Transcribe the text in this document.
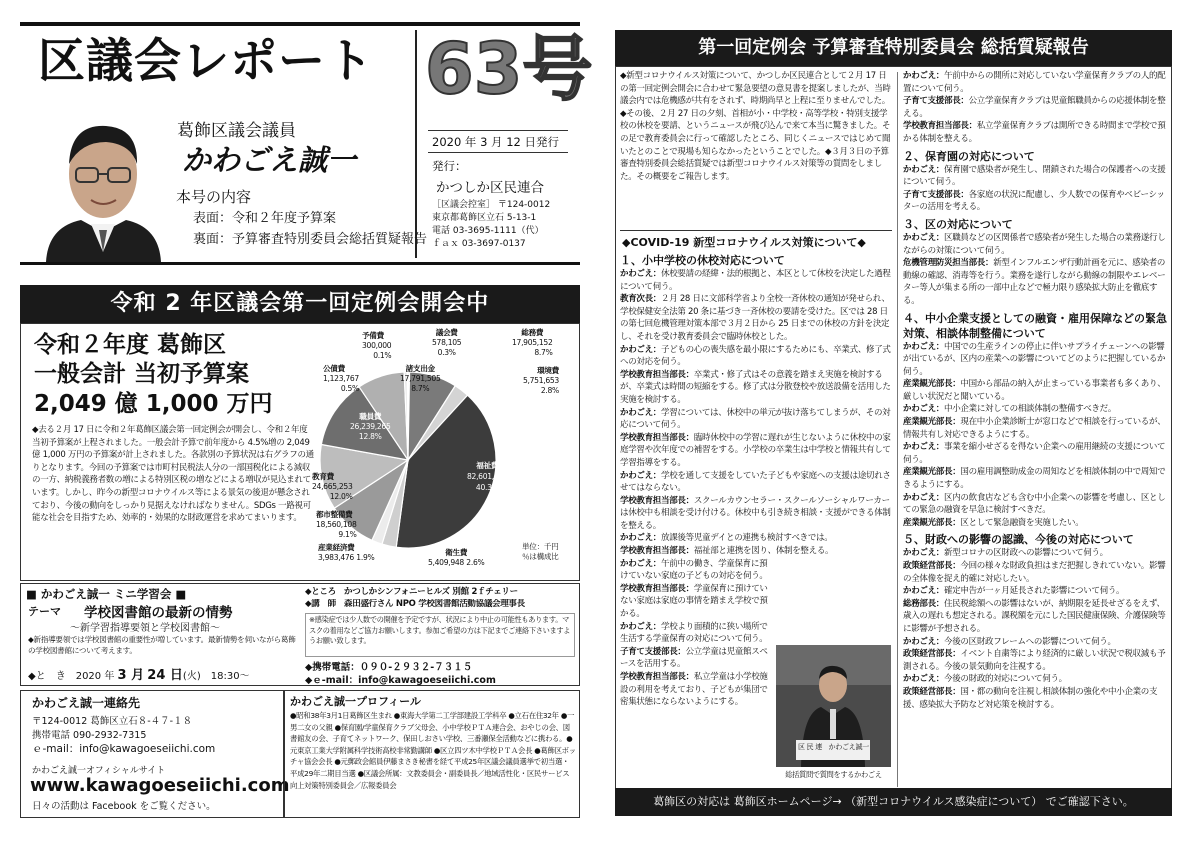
区議会レポート 63号
2020 年 3 月 12 日発行
発行：
かつしか区民連合
［区議会控室］ 〒124-0012
東京都葛飾区立石 5-13-1
電話 03-3695-1111（代）
ｆａｘ 03-3697-0137
葛飾区議会議員
かわごえ誠一
本号の内容
表面：令和２年度予算案
裏面：予算審査特別委員会総括質疑報告
令和 2 年区議会第一回定例会開会中
令和２年度 葛飾区
一般会計 当初予算案
2,049 億 1,000 万円
◆去る２月 17 日に令和２年葛飾区議会第一回定例会が開会し、令和２年度当初予算案が上程されました。一般会計予算で前年度から 4.5%増の 2,049 億 1,000 万円の予算案が計上されました。各款別の予算状況は右グラフの通りとなります。今回の予算案では市町村民税法人分の一部国税化による減収の一方、納税義務者数の増による特別区税の増などによる増収が見込まれています。しかし、昨今の新型コロナウイルス等による景気の後退が懸念されており、今後の動向をしっかり見据えなければなりません。SDGs 一路視可能な社会を目指すため、効率的・効果的な財政運営を求めてまいります。
議会費
578,105
0.3%
総務費
17,905,152
8.7%
環境費
5,751,653
2.8%
福祉費
82,601,768
40.3%
衛生費
5,409,948 2.6%
産業経済費
3,983,476 1.9%
都市整備費
18,560,108
9.1%
教育費
24,665,253
12.0%
職員費
26,239,265
12.8%
諸支出金
17,791,505
8.7%
公債費
1,123,767
0.5%
予備費
300,000
0.1%
単位：千円
％は構成比
■ かわごえ誠一 ミニ学習会 ■
テーマ 学校図書館の最新の情勢
～新学習指導要領と学校図書館～
◆新指導要領では学校図書館の重要性が増しています。最新情勢を伺いながら葛飾の学校図書館について考えます。
◆と　き　 2020 年 3 月 24 日(火)　 18:30～
◆ところ　かつしかシンフォニーヒルズ 別館 2ｆチェリー
◆講　師　森田盛行さん NPO 学校図書館活動協議会理事長
※感染症では少人数での開催を予定ですが、状況により中止の可能性もあります。マスクの着用などご協力お願いします。参加ご希望の方は下記までご連絡下さいますようお願い致します。
◆携帯電話：０９０-２９３２-７３１５
◆ｅ-mail：info@kawagoeseiichi.com
かわごえ誠一連絡先
〒124-0012 葛飾区立石８-４７-１８
携帯電話 090-2932-7315
ｅ-mail：info@kawagoeseiichi.com
かわごえ誠一オフィシャルサイト
www.kawagoeseiichi.com
日々の活動は Facebook をご覧ください。
かわごえ誠一プロフィール
●昭和38年3月1日葛飾区生まれ ●東海大学第二工学部建設工学科卒 ●立石在住32年 ●一男二女の父親 ●保育園/学童保育クラブ父母会、小中学校ＰＴＡ連合会、おやじの会、図書館友の会、子育てネットワーク、保田しおさい学校、三番瀬保全活動などに携わる。●元東京工業大学附属科学技術高校非常勤講師 ●区立四ツ木中学校ＰＴＡ会長 ●葛飾区ボッチャ協会会長 ●元郵政会館員伊藤まさき秘書を経て平成25年区議会議員選挙で初当選・平成29年二期目当選 ●区議会所属：文教委員会・副委員長／地域活性化・区民サービス向上対策特別委員会／広報委員会
第一回定例会 予算審査特別委員会 総括質疑報告
◆新型コロナウイルス対策について、かつしか区民連合として２月 17 日の第一回定例会開会に合わせて緊急要望の意見書を提案しましたが、当時議会内では危機感が共有をされず、時期尚早と上程に至りませんでした。◆その後、２月 27 日の夕刻、首相が小・中学校・高等学校・特別支援学校の休校を要請、というニュースが飛び込んで来て本当に驚きました。その足で教育委員会に行って確認したところ、同じくニュースではじめて聞いたとのことで現場も知らなかったということでした。◆３月３日の予算審査特別委員会総括質疑では新型コロナウイルス対策等の質問をしました。その概要をご報告します。
◆COVID-19 新型コロナウイルス対策について◆
１、小中学校の休校対応について
かわごえ：休校要請の経緯・法的根拠と、本区として休校を決定した過程について伺う。
教育次長：２月 28 日に文部科学省より全校一斉休校の通知が発せられ、学校保健安全法第 20 条に基づき一斉休校の要請を受けた。区では 28 日の第七回危機管理対策本部で３月２日から 25 日までの休校の方針を決定し、それを受け教育委員会で臨時休校とした。
かわごえ：子どもの心の喪失感を最小限にするためにも、卒業式、修了式への対応を伺う。
学校教育担当部長：卒業式・修了式はその意義を踏まえ実施を検討するが、卒業式は時間の短縮をする。修了式は分散登校や放送設備を活用した実施を検討する。
かわごえ：学習については、休校中の単元が抜け落ちてしまうが、その対応について伺う。
学校教育担当部長：臨時休校中の学習に遅れが生じないように休校中の家庭学習や次年度での補習をする。小学校の卒業生は中学校と情報共有して学習指導をする。
かわごえ：学校を通して支援をしていた子どもや家庭への支援は途切れさせてはならない。
学校教育担当部長：スクールカウンセラー・スクールソーシャルワーカーは休校中も相談を受け付ける。休校中も引き続き相談・支援ができる体制を整える。
かわごえ：放課後等児童デイとの連携も検討すべきでは。
学校教育担当部長：福祉部と連携を図り、体制を整える。
かわごえ：午前中の働き、学童保育に預けていない家庭の子どもの対応を伺う。
学校教育担当部長：学童保育に預けていない家庭は家庭の事情を踏まえ学校で預かる。
かわごえ：学校より面積的に狭い場所で生活する学童保育の対応について伺う。
子育て支援部長：公立学童は児童館スペースを活用する。
学校教育担当部長：私立学童は小学校施設の利用を考えており、子どもが集団で密集状態にならないようにする。
区 民 連　かわごえ誠一
総括質問で質問をするかわごえ
かわごえ：午前中からの開所に対応していない学童保育クラブの人的配置について伺う。
子育て支援部長：公立学童保育クラブは児童館職員からの応援体制を整える。
学校教育担当部長：私立学童保育クラブは開所できる時間まで学校で預かる体制を整える。
２、保育園の対応について
かわごえ：保育園で感染者が発生し、閉鎖された場合の保護者への支援について伺う。
子育て支援部長：各家庭の状況に配慮し、少人数での保育やベビーシッターの活用を考える。
３、区の対応について
かわごえ：区職員などの区関係者で感染者が発生した場合の業務遂行しながらの対策について伺う。
危機管理防災担当部長：新型インフルエンザ行動計画を元に、感染者の動線の確認、消毒等を行う。業務を遂行しながら動線の制限やエレベーター等人が集まる所の一部中止などで極力限り感染拡大防止を徹底する。
４、中小企業支援としての融資・雇用保障などの緊急対策、相談体制整備について
かわごえ：中国での生産ラインの停止に伴いサプライチェーンへの影響が出ているが、区内の産業への影響についてどのように把握しているか伺う。
産業観光部長：中国から部品の納入が止まっている事業者も多くあり、厳しい状況だと聞いている。
かわごえ：中小企業に対しての相談体制の整備すべきだ。
産業観光部長：現在中小企業診断士が窓口などで相談を行っているが、情報共有し対応できるようにする。
かわごえ：事業を縮小せざるを得ない企業への雇用継続の支援について伺う。
産業観光部長：国の雇用調整助成金の周知などを相談体制の中で周知できるようにする。
かわごえ：区内の飲食店なども含む中小企業への影響を考慮し、区としての緊急の融資を早急に検討すべきだ。
産業観光部長：区として緊急融資を実施したい。
５、財政への影響の認識、今後の対応について
かわごえ：新型コロナの区財政への影響について伺う。
政策経営部長：今回の様々な財政負担はまだ把握しきれていない。影響の全体像を捉え的確に対応したい。
かわごえ：確定申告が一ヶ月延長された影響について伺う。
総務部長：住民税総額への影響はないが、納期限を延長せざるをえず、歳入の遅れも想定される。課税額を元にした国民健康保険、介護保険等に影響が予想される。
かわごえ：今後の区財政フレームへの影響について伺う。
政策経営部長：イベント自粛等により経済的に厳しい状況で税収減も予測される。今後の景気動向を注視する。
かわごえ：今後の財政的対応について伺う。
政策経営部長：国・都の動向を注視し相談体制の強化や中小企業の支援、感染拡大予防など対応策を検討する。
葛飾区の対応は 葛飾区ホームページ→ （新型コロナウイルス感染症について） でご確認下さい。
